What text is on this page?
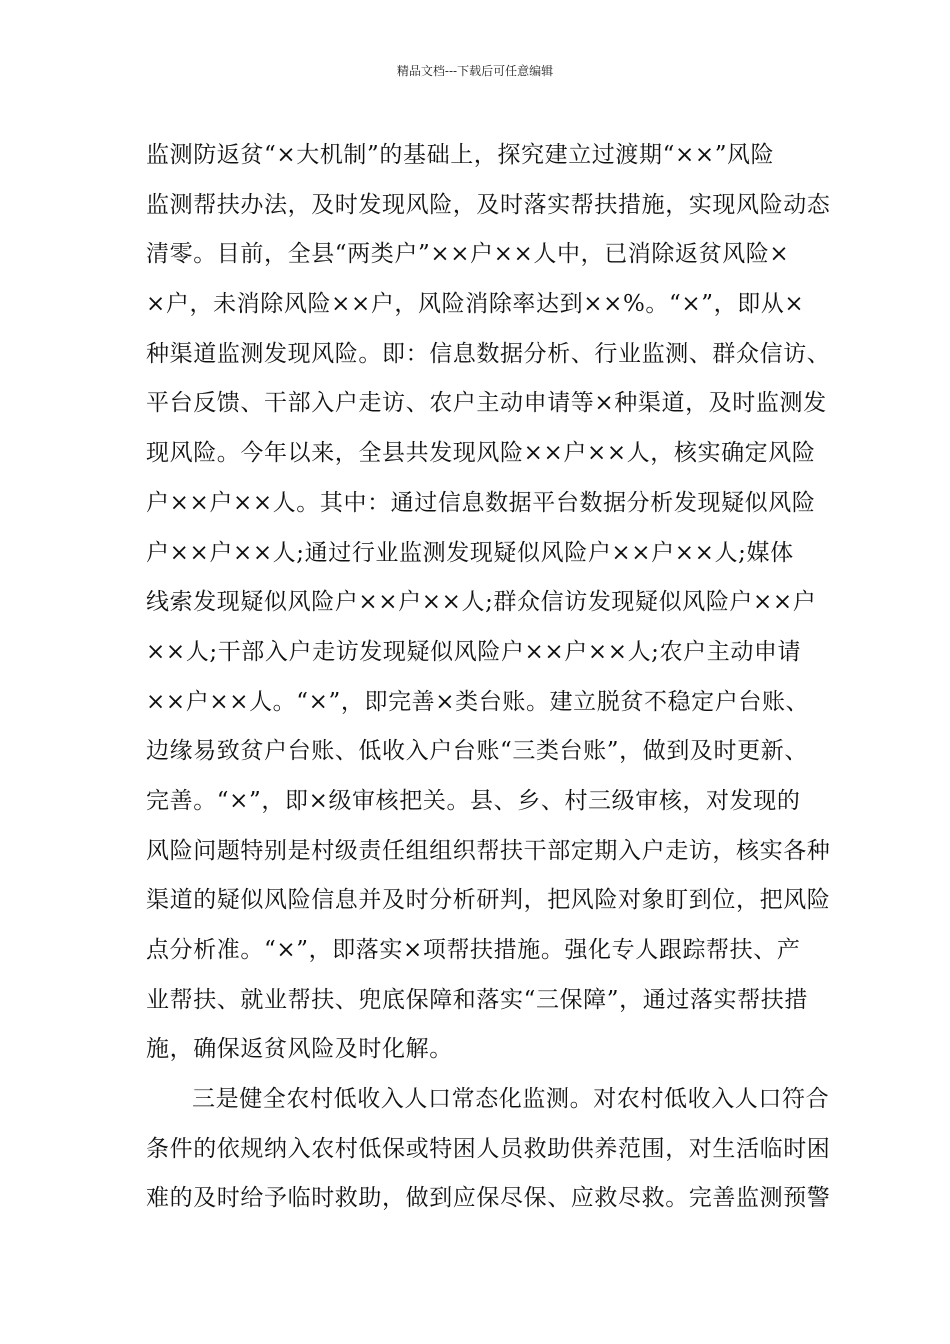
精品文档---下载后可任意编辑
监测防返贫“×大机制”的基础上，探究建立过渡期“××”风险
监测帮扶办法，及时发现风险，及时落实帮扶措施，实现风险动态
清零。目前，全县“两类户”××户××人中，已消除返贫风险×
×户，未消除风险××户，风险消除率达到××%。“×”，即从×
种渠道监测发现风险。即：信息数据分析、行业监测、群众信访、
平台反馈、干部入户走访、农户主动申请等×种渠道，及时监测发
现风险。今年以来，全县共发现风险××户××人，核实确定风险
户××户××人。其中：通过信息数据平台数据分析发现疑似风险
户××户××人;通过行业监测发现疑似风险户××户××人;媒体
线索发现疑似风险户××户××人;群众信访发现疑似风险户××户
××人;干部入户走访发现疑似风险户××户××人;农户主动申请
××户××人。“×”，即完善×类台账。建立脱贫不稳定户台账、
边缘易致贫户台账、低收入户台账“三类台账”，做到及时更新、
完善。“×”，即×级审核把关。县、乡、村三级审核，对发现的
风险问题特别是村级责任组组织帮扶干部定期入户走访，核实各种
渠道的疑似风险信息并及时分析研判，把风险对象盯到位，把风险
点分析准。“×”，即落实×项帮扶措施。强化专人跟踪帮扶、产
业帮扶、就业帮扶、兜底保障和落实“三保障”，通过落实帮扶措
施，确保返贫风险及时化解。
三是健全农村低收入人口常态化监测。对农村低收入人口符合
条件的依规纳入农村低保或特困人员救助供养范围，对生活临时困
难的及时给予临时救助，做到应保尽保、应救尽救。完善监测预警
